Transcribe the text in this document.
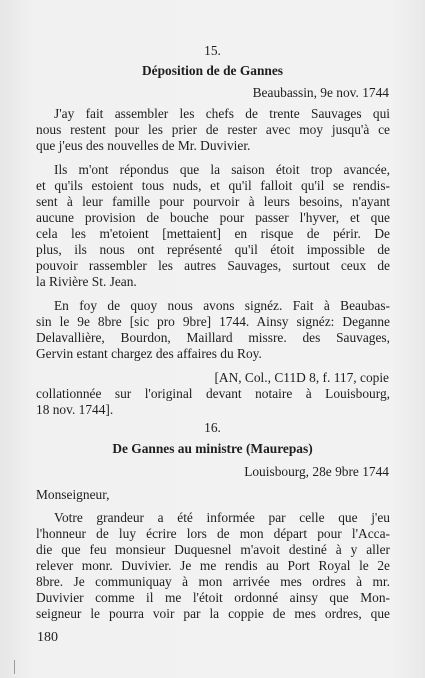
15.
Déposition de de Gannes
Beaubassin, 9e nov. 1744
J'ay fait assembler les chefs de trente Sauvages qui
nous restent pour les prier de rester avec moy jusqu'à ce
que j'eus des nouvelles de Mr. Duvivier.
Ils m'ont répondus que la saison étoit trop avancée,
et qu'ils estoient tous nuds, et qu'il falloit qu'il se rendis-
sent à leur famille pour pourvoir à leurs besoins, n'ayant
aucune provision de bouche pour passer l'hyver, et que
cela les m'etoient [mettaient] en risque de périr. De
plus, ils nous ont représenté qu'il étoit impossible de
pouvoir rassembler les autres Sauvages, surtout ceux de
la Rivière St. Jean.
En foy de quoy nous avons signéz. Fait à Beaubas-
sin le 9e 8bre [sic pro 9bre] 1744. Ainsy signéz: Deganne
Delavallière, Bourdon, Maillard missre. des Sauvages,
Gervin estant chargez des affaires du Roy.
[AN, Col., C11D 8, f. 117, copie
collationnée sur l'original devant notaire à Louisbourg,
18 nov. 1744].
16.
De Gannes au ministre (Maurepas)
Louisbourg, 28e 9bre 1744
Monseigneur,
Votre grandeur a été informée par celle que j'eu
l'honneur de luy écrire lors de mon départ pour l'Acca-
die que feu monsieur Duquesnel m'avoit destiné à y aller
relever monr. Duvivier. Je me rendis au Port Royal le 2e
8bre. Je communiquay à mon arrivée mes ordres à mr.
Duvivier comme il me l'étoit ordonné ainsy que Mon-
seigneur le pourra voir par la coppie de mes ordres, que
180
